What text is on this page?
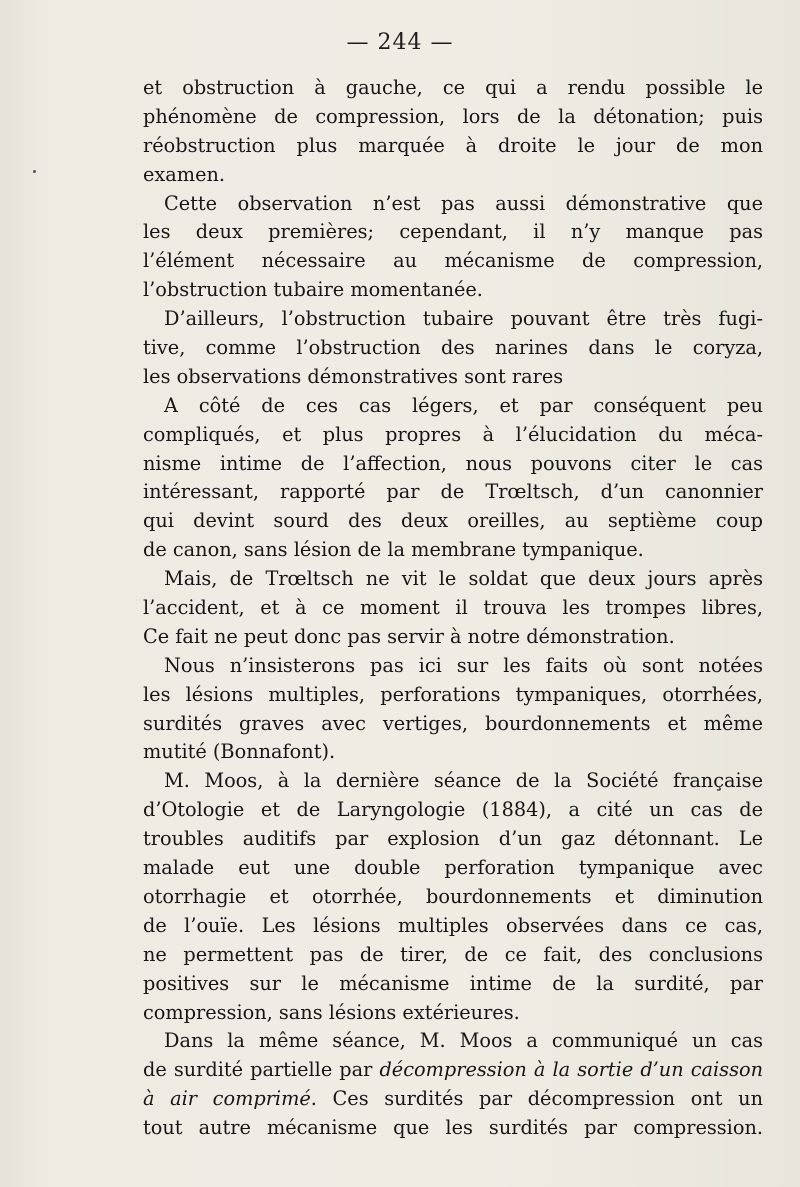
— 244 —
et obstruction à gauche, ce qui a rendu possible le
phénomène de compression, lors de la détonation; puis
réobstruction plus marquée à droite le jour de mon
examen.
Cette observation n’est pas aussi démonstrative que
les deux premières; cependant, il n’y manque pas
l’élément nécessaire au mécanisme de compression,
l’obstruction tubaire momentanée.
D’ailleurs, l’obstruction tubaire pouvant être très fugi-
tive, comme l’obstruction des narines dans le coryza,
les observations démonstratives sont rares
A côté de ces cas légers, et par conséquent peu
compliqués, et plus propres à l’élucidation du méca-
nisme intime de l’affection, nous pouvons citer le cas
intéressant, rapporté par de Trœltsch, d’un canonnier
qui devint sourd des deux oreilles, au septième coup
de canon, sans lésion de la membrane tympanique.
Mais, de Trœltsch ne vit le soldat que deux jours après
l’accident, et à ce moment il trouva les trompes libres,
Ce fait ne peut donc pas servir à notre démonstration.
Nous n’insisterons pas ici sur les faits où sont notées
les lésions multiples, perforations tympaniques, otorrhées,
surdités graves avec vertiges, bourdonnements et même
mutité (Bonnafont).
M. Moos, à la dernière séance de la Société française
d’Otologie et de Laryngologie (1884), a cité un cas de
troubles auditifs par explosion d’un gaz détonnant. Le
malade eut une double perforation tympanique avec
otorrhagie et otorrhée, bourdonnements et diminution
de l’ouïe. Les lésions multiples observées dans ce cas,
ne permettent pas de tirer, de ce fait, des conclusions
positives sur le mécanisme intime de la surdité, par
compression, sans lésions extérieures.
Dans la même séance, M. Moos a communiqué un cas
de surdité partielle par décompression à la sortie d’un caisson
à air comprimé. Ces surdités par décompression ont un
tout autre mécanisme que les surdités par compression.
